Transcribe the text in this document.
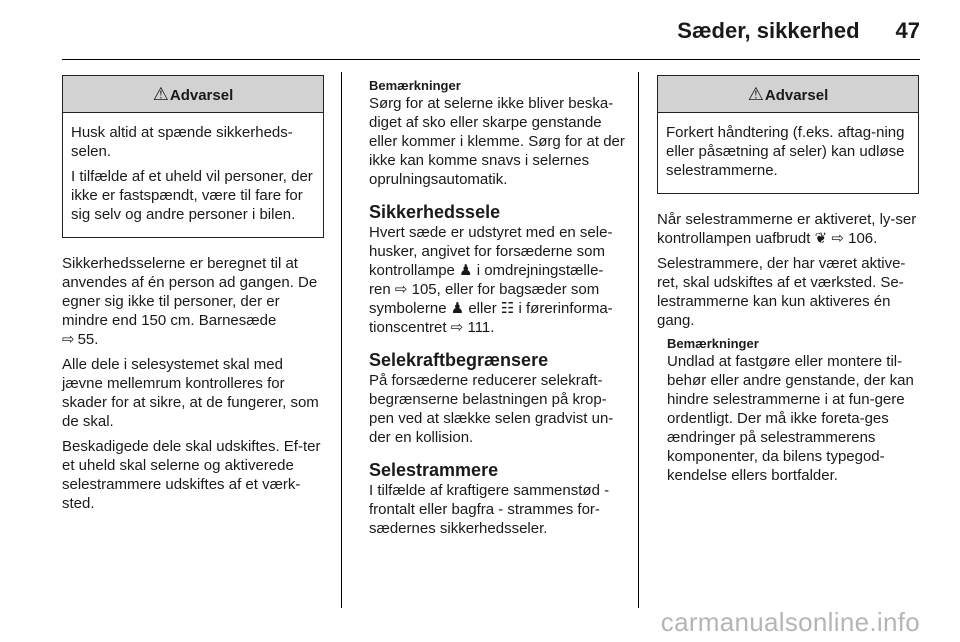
Sæder, sikkerhed 47
⚠Advarsel

Husk altid at spænde sikkerheds-selen.

I tilfælde af et uheld vil personer, der ikke er fastspændt, være til fare for sig selv og andre personer i bilen.

Sikkerhedsselerne er beregnet til at anvendes af én person ad gangen. De egner sig ikke til personer, der er mindre end 150 cm. Barnesæde
⇨ 55.

Alle dele i selesystemet skal med jævne mellemrum kontrolleres for skader for at sikre, at de fungerer, som de skal.

Beskadigede dele skal udskiftes. Ef-ter et uheld skal selerne og aktiverede selestrammere udskiftes af et værk-sted.

Bemærkninger

Sørg for at selerne ikke bliver beska-diget af sko eller skarpe genstande eller kommer i klemme. Sørg for at der ikke kan komme snavs i selernes oprulningsautomatik.

Sikkerhedssele

Hvert sæde er udstyret med en sele-husker, angivet for forsæderne som kontrollampe ♟ i omdrejningstælle-ren ⇨ 105, eller for bagsæder som symbolerne ♟ eller ☷ i førerinforma-tionscentret ⇨ 111.

Selekraftbegrænsere

På forsæderne reducerer selekraft-begrænserne belastningen på krop-pen ved at slække selen gradvist un-der en kollision.

Selestrammere

I tilfælde af kraftigere sammenstød - frontalt eller bagfra - strammes for-sædernes sikkerhedsseler.

⚠Advarsel

Forkert håndtering (f.eks. aftag-ning eller påsætning af seler) kan udløse selestrammerne.

Når selestrammerne er aktiveret, ly-ser kontrollampen uafbrudt ❦ ⇨ 106.

Selestrammere, der har været aktive-ret, skal udskiftes af et værksted. Se-lestrammerne kan kun aktiveres én gang.

Bemærkninger

Undlad at fastgøre eller montere til-behør eller andre genstande, der kan hindre selestrammerne i at fun-gere ordentligt. Der må ikke foreta-ges ændringer på selestrammerens komponenter, da bilens typegod-kendelse ellers bortfalder.

carmanualsonline.info
